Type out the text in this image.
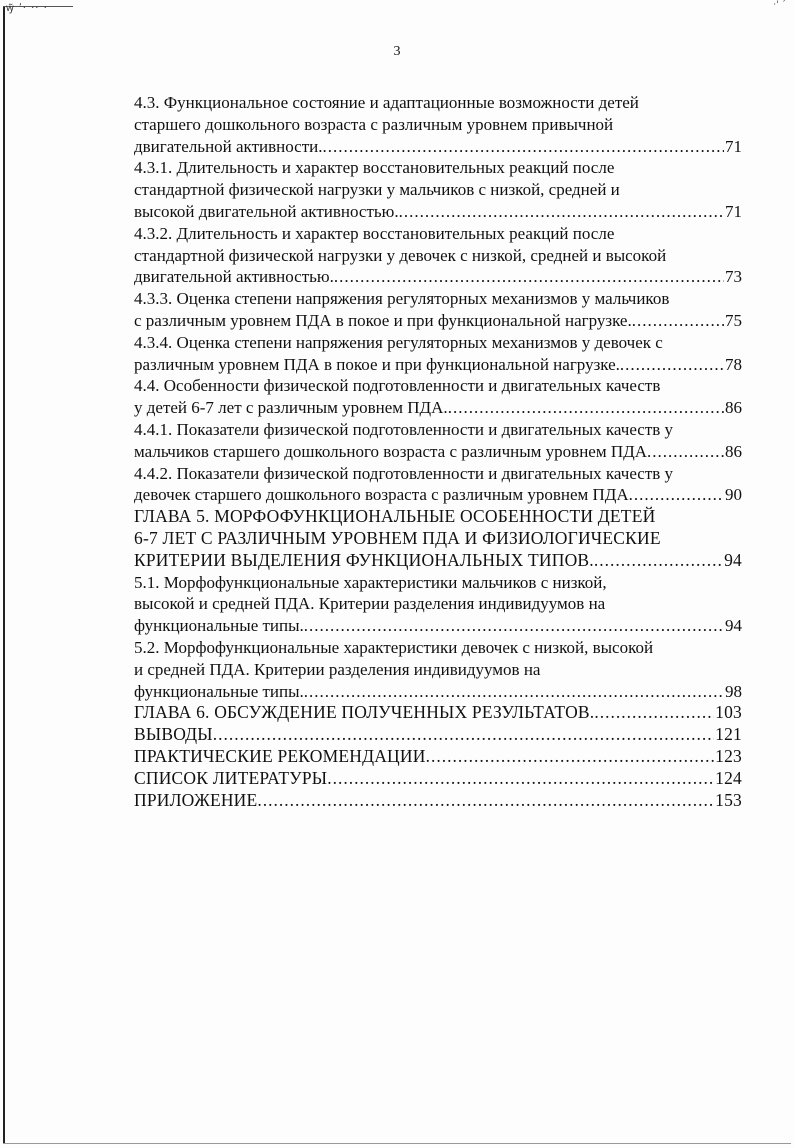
ꝡ̃ ʹ· ·· ·	·' ´
3
4.3. Функциональное состояние и адаптационные возможности детей
старшего дошкольного возраста с различным уровнем привычной
двигательной активности. .....	71
4.3.1. Длительность и характер восстановительных реакций после
стандартной физической нагрузки у мальчиков с низкой, средней и
высокой двигательной активностью. .....	71
4.3.2. Длительность и характер восстановительных реакций после
стандартной физической нагрузки у девочек с низкой, средней и высокой
двигательной активностью. .....	73
4.3.3. Оценка степени напряжения регуляторных механизмов у мальчиков
с различным уровнем ПДА в покое и при функциональной нагрузке. .....	75
4.3.4. Оценка степени напряжения регуляторных механизмов у девочек с
различным уровнем ПДА в покое и при функциональной нагрузке. .....	78
4.4. Особенности физической подготовленности и двигательных качеств
у детей 6-7 лет с различным уровнем ПДА. .....	86
4.4.1. Показатели физической подготовленности и двигательных качеств у
мальчиков старшего дошкольного возраста с различным уровнем ПДА .....	86
4.4.2. Показатели физической подготовленности и двигательных качеств у
девочек старшего дошкольного возраста с различным уровнем ПДА .....	90
ГЛАВА 5. МОРФОФУНКЦИОНАЛЬНЫЕ ОСОБЕННОСТИ ДЕТЕЙ
6-7 ЛЕТ С РАЗЛИЧНЫМ УРОВНЕМ ПДА И ФИЗИОЛОГИЧЕСКИЕ
КРИТЕРИИ ВЫДЕЛЕНИЯ ФУНКЦИОНАЛЬНЫХ ТИПОВ. .....	94
5.1. Морфофункциональные характеристики мальчиков с низкой,
высокой и средней ПДА. Критерии разделения индивидуумов на
функциональные типы. .....	94
5.2. Морфофункциональные характеристики девочек с низкой, высокой
и средней ПДА. Критерии разделения индивидуумов на
функциональные типы. .....	98
ГЛАВА 6. ОБСУЖДЕНИЕ ПОЛУЧЕННЫХ РЕЗУЛЬТАТОВ. .....	103
ВЫВОДЫ .....	121
ПРАКТИЧЕСКИЕ РЕКОМЕНДАЦИИ .....	123
СПИСОК ЛИТЕРАТУРЫ .....	124
ПРИЛОЖЕНИЕ .....	153
